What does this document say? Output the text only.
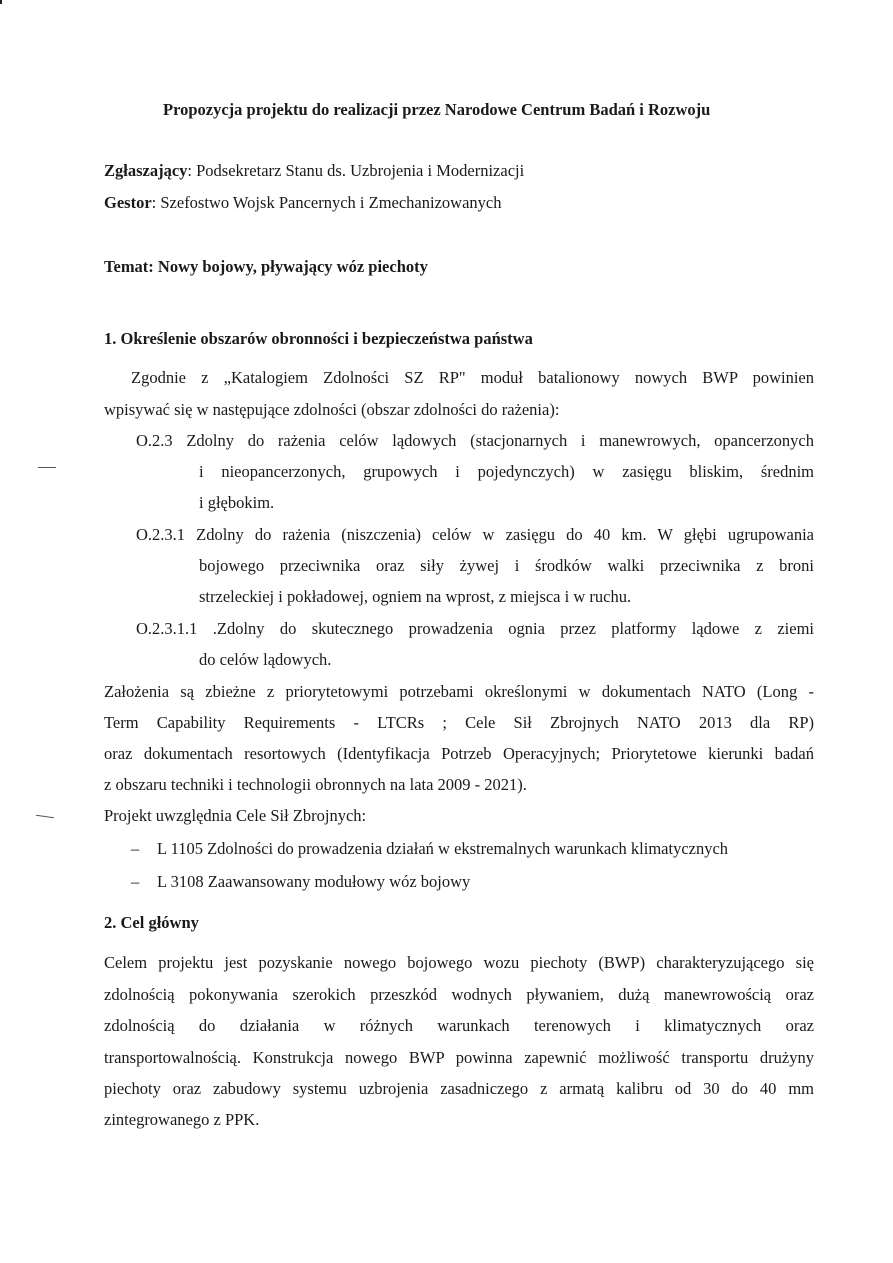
Propozycja projektu do realizacji przez Narodowe Centrum Badań i Rozwoju
Zgłaszający: Podsekretarz Stanu ds. Uzbrojenia i Modernizacji
Gestor: Szefostwo Wojsk Pancernych i Zmechanizowanych
Temat: Nowy bojowy, pływający wóz piechoty
1. Określenie obszarów obronności i bezpieczeństwa państwa
Zgodnie z „Katalogiem Zdolności SZ RP" moduł batalionowy nowych BWP powinien
wpisywać się w następujące zdolności (obszar zdolności do rażenia):
O.2.3 Zdolny do rażenia celów lądowych (stacjonarnych i manewrowych, opancerzonych
i nieopancerzonych, grupowych i pojedynczych) w zasięgu bliskim, średnim
i głębokim.
O.2.3.1 Zdolny do rażenia (niszczenia) celów w zasięgu do 40 km. W głębi ugrupowania
bojowego przeciwnika oraz siły żywej i środków walki przeciwnika z broni
strzeleckiej i pokładowej, ogniem na wprost, z miejsca i w ruchu.
O.2.3.1.1 .Zdolny do skutecznego prowadzenia ognia przez platformy lądowe z ziemi
do celów lądowych.
Założenia są zbieżne z priorytetowymi potrzebami określonymi w dokumentach NATO (Long -
Term Capability Requirements - LTCRs ; Cele Sił Zbrojnych NATO 2013 dla RP)
oraz dokumentach resortowych (Identyfikacja Potrzeb Operacyjnych; Priorytetowe kierunki badań
z obszaru techniki i technologii obronnych na lata 2009 - 2021).
Projekt uwzględnia Cele Sił Zbrojnych:
– L 1105 Zdolności do prowadzenia działań w ekstremalnych warunkach klimatycznych
– L 3108 Zaawansowany modułowy wóz bojowy
2. Cel główny
Celem projektu jest pozyskanie nowego bojowego wozu piechoty (BWP) charakteryzującego się
zdolnością pokonywania szerokich przeszkód wodnych pływaniem, dużą manewrowością oraz
zdolnością do działania w różnych warunkach terenowych i klimatycznych oraz
transportowalnością. Konstrukcja nowego BWP powinna zapewnić możliwość transportu drużyny
piechoty oraz zabudowy systemu uzbrojenia zasadniczego z armatą kalibru od 30 do 40 mm
zintegrowanego z PPK.
